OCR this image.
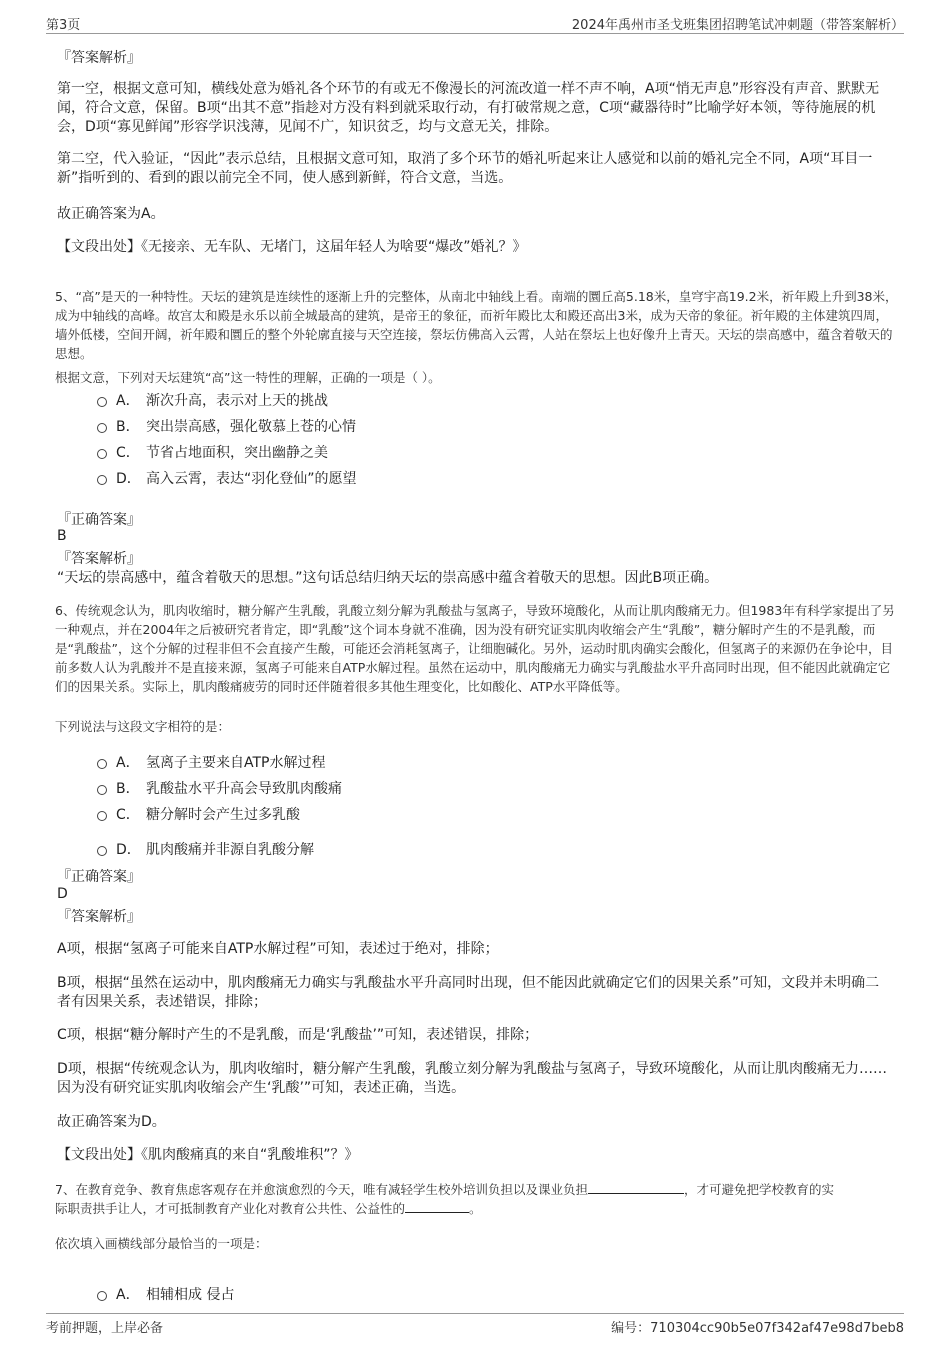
第3页	2024年禹州市圣戈班集团招聘笔试冲刺题（带答案解析）
『答案解析』
第一空，根据文意可知，横线处意为婚礼各个环节的有或无不像漫长的河流改道一样不声不响，A项“悄无声息”形容没有声音、默默无闻，符合文意，保留。B项“出其不意”指趁对方没有料到就采取行动，有打破常规之意，C项“藏器待时”比喻学好本领，等待施展的机会，D项“寡见鲜闻”形容学识浅薄，见闻不广，知识贫乏，均与文意无关，排除。
第二空，代入验证，“因此”表示总结，且根据文意可知，取消了多个环节的婚礼听起来让人感觉和以前的婚礼完全不同，A项“耳目一新”指听到的、看到的跟以前完全不同，使人感到新鲜，符合文意，当选。
故正确答案为A。
【文段出处】《无接亲、无车队、无堵门，这届年轻人为啥要“爆改”婚礼？》
5、“高”是天的一种特性。天坛的建筑是连续性的逐渐上升的完整体，从南北中轴线上看。南端的圜丘高5.18米，皇穹宇高19.2米，祈年殿上升到38米，成为中轴线的高峰。故宫太和殿是永乐以前全城最高的建筑，是帝王的象征，而祈年殿比太和殿还高出3米，成为天帝的象征。祈年殿的主体建筑四周，墙外低楼，空间开阔，祈年殿和圜丘的整个外轮廓直接与天空连接，祭坛仿佛高入云霄，人站在祭坛上也好像升上青天。天坛的崇高感中，蕴含着敬天的思想。
根据文意，下列对天坛建筑“高”这一特性的理解，正确的一项是（ ）。
A． 渐次升高，表示对上天的挑战
B． 突出崇高感，强化敬慕上苍的心情
C． 节省占地面积，突出幽静之美
D． 高入云霄，表达“羽化登仙”的愿望
『正确答案』
B
『答案解析』
“天坛的崇高感中，蕴含着敬天的思想。”这句话总结归纳天坛的崇高感中蕴含着敬天的思想。因此B项正确。
6、传统观念认为，肌肉收缩时，糖分解产生乳酸，乳酸立刻分解为乳酸盐与氢离子，导致环境酸化，从而让肌肉酸痛无力。但1983年有科学家提出了另一种观点，并在2004年之后被研究者肯定，即“乳酸”这个词本身就不准确，因为没有研究证实肌肉收缩会产生“乳酸”，糖分解时产生的不是乳酸，而是“乳酸盐”，这个分解的过程非但不会直接产生酸，可能还会消耗氢离子，让细胞碱化。另外，运动时肌肉确实会酸化，但氢离子的来源仍在争论中，目前多数人认为乳酸并不是直接来源，氢离子可能来自ATP水解过程。虽然在运动中，肌肉酸痛无力确实与乳酸盐水平升高同时出现，但不能因此就确定它们的因果关系。实际上，肌肉酸痛疲劳的同时还伴随着很多其他生理变化，比如酸化、ATP水平降低等。
下列说法与这段文字相符的是：
A． 氢离子主要来自ATP水解过程
B． 乳酸盐水平升高会导致肌肉酸痛
C． 糖分解时会产生过多乳酸
D． 肌肉酸痛并非源自乳酸分解
『正确答案』
D
『答案解析』
A项，根据“氢离子可能来自ATP水解过程”可知，表述过于绝对，排除；
B项，根据“虽然在运动中，肌肉酸痛无力确实与乳酸盐水平升高同时出现，但不能因此就确定它们的因果关系”可知，文段并未明确二者有因果关系，表述错误，排除；
C项，根据“糖分解时产生的不是乳酸，而是‘乳酸盐’”可知，表述错误，排除；
D项，根据“传统观念认为，肌肉收缩时，糖分解产生乳酸，乳酸立刻分解为乳酸盐与氢离子，导致环境酸化，从而让肌肉酸痛无力……因为没有研究证实肌肉收缩会产生‘乳酸’”可知，表述正确，当选。
故正确答案为D。
【文段出处】《肌肉酸痛真的来自“乳酸堆积”？》
7、在教育竞争、教育焦虑客观存在并愈演愈烈的今天，唯有减轻学生校外培训负担以及课业负担	，才可避免把学校教育的实
际职责拱手让人，才可抵制教育产业化对教育公共性、公益性的	。
依次填入画横线部分最恰当的一项是：
A． 相辅相成 侵占
考前押题，上岸必备	编号：710304cc90b5e07f342af47e98d7beb8
